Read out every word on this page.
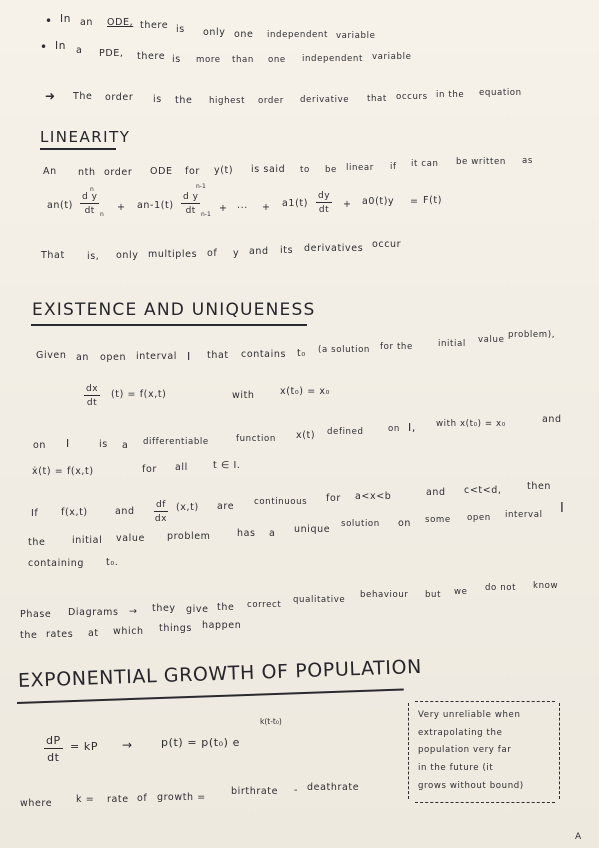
• In an ODE, there is only one independent variable
• In a PDE, there is more than one independent variable
➜ The order is the highest order derivative that occurs in the equation
LINEARITY
An nth order ODE for y(t) is said to be linear if it can be written as
an(t)
n
$\frac{\text{d y}}{dt}$ n
+ an-1(t)
n-1
$\frac{\text{d y}}{dt} n-1$
+ ... + $a1(t) \frac{dy}{dt} + a0(t)y = F(t)$
That is, only multiples of y and its derivatives occur
EXISTENCE AND UNIQUENESS
Given an open interval I that contains t₀ (a solution for the	initial value problem),
$\frac{dx}{dt} (t) = f(x,t)$	with	x(t₀) = x₀
on I	is a differentiable	function x(t) defined	on I, with x(t₀) = x₀	and
ẋ(t) = f(x,t)	for all	t ∈ I.
If f(x,t)	and $\frac{df}{dx} (x,t)$ are continuous for a<x<b	and c<t<d,	then
the	initial value problem	has a unique solution on some open interval I
containing t₀.
Phase Diagrams → they give the correct qualitative behaviour but we do not know
the rates at which things happen
EXPONENTIAL GROWTH OF POPULATION
$\frac{dP}{dt}$ = kP →	p(t) = p(t₀) e
k(t-t₀)
where	k = rate of growth =
birthrate - deathrate
Very unreliable when
extrapolating the
population very far
in the future (it
grows without bound)
A
